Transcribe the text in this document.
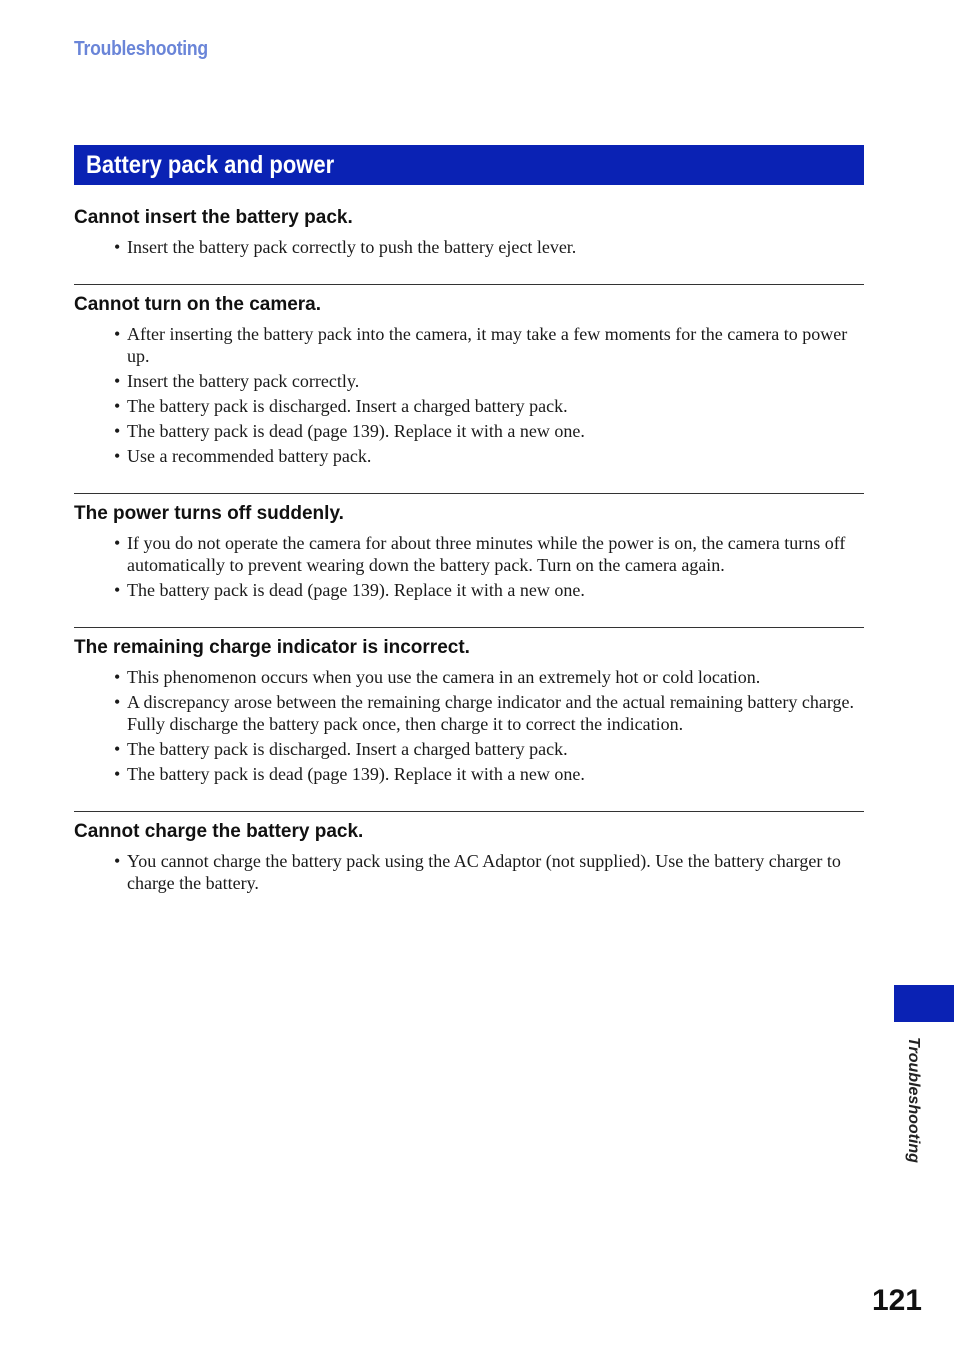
Troubleshooting
Battery pack and power
Cannot insert the battery pack.
• Insert the battery pack correctly to push the battery eject lever.
Cannot turn on the camera.
• After inserting the battery pack into the camera, it may take a few moments for the camera to power up.
• Insert the battery pack correctly.
• The battery pack is discharged. Insert a charged battery pack.
• The battery pack is dead (page 139). Replace it with a new one.
• Use a recommended battery pack.
The power turns off suddenly.
• If you do not operate the camera for about three minutes while the power is on, the camera turns off automatically to prevent wearing down the battery pack. Turn on the camera again.
• The battery pack is dead (page 139). Replace it with a new one.
The remaining charge indicator is incorrect.
• This phenomenon occurs when you use the camera in an extremely hot or cold location.
• A discrepancy arose between the remaining charge indicator and the actual remaining battery charge. Fully discharge the battery pack once, then charge it to correct the indication.
• The battery pack is discharged. Insert a charged battery pack.
• The battery pack is dead (page 139). Replace it with a new one.
Cannot charge the battery pack.
• You cannot charge the battery pack using the AC Adaptor (not supplied). Use the battery charger to charge the battery.
Troubleshooting
121
